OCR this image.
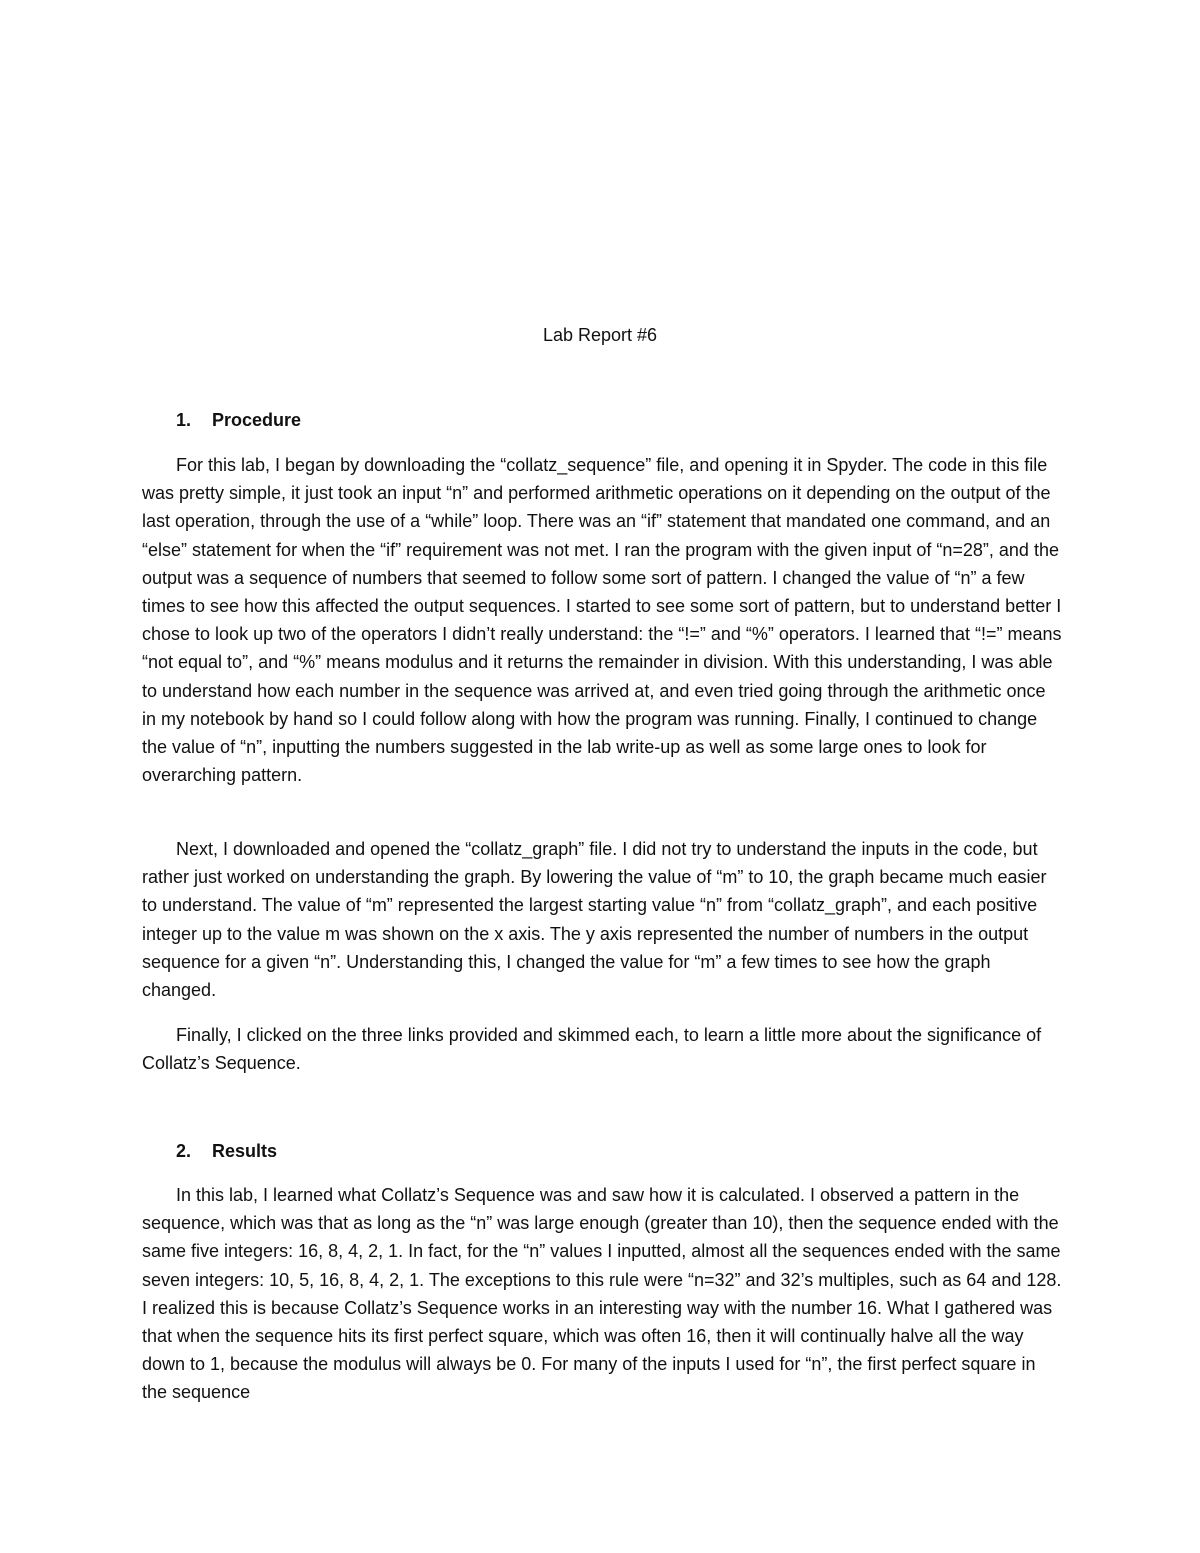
Lab Report #6
1. Procedure

For this lab, I began by downloading the “collatz_sequence” file, and opening it in Spyder. The code in this file was pretty simple, it just took an input “n” and performed arithmetic operations on it depending on the output of the last operation, through the use of a “while” loop. There was an “if” statement that mandated one command, and an “else” statement for when the “if” requirement was not met. I ran the program with the given input of “n=28”, and the output was a sequence of numbers that seemed to follow some sort of pattern. I changed the value of “n” a few times to see how this affected the output sequences. I started to see some sort of pattern, but to understand better I chose to look up two of the operators I didn’t really understand: the “!=” and “%” operators. I learned that “!=” means “not equal to”, and “%” means modulus and it returns the remainder in division. With this understanding, I was able to understand how each number in the sequence was arrived at, and even tried going through the arithmetic once in my notebook by hand so I could follow along with how the program was running. Finally, I continued to change the value of “n”, inputting the numbers suggested in the lab write-up as well as some large ones to look for overarching pattern.

Next, I downloaded and opened the “collatz_graph” file. I did not try to understand the inputs in the code, but rather just worked on understanding the graph. By lowering the value of “m” to 10, the graph became much easier to understand. The value of “m” represented the largest starting value “n” from “collatz_graph”, and each positive integer up to the value m was shown on the x axis. The y axis represented the number of numbers in the output sequence for a given “n”. Understanding this, I changed the value for “m” a few times to see how the graph changed.

Finally, I clicked on the three links provided and skimmed each, to learn a little more about the significance of Collatz’s Sequence.

2. Results

In this lab, I learned what Collatz’s Sequence was and saw how it is calculated. I observed a pattern in the sequence, which was that as long as the “n” was large enough (greater than 10), then the sequence ended with the same five integers: 16, 8, 4, 2, 1. In fact, for the “n” values I inputted, almost all the sequences ended with the same seven integers: 10, 5, 16, 8, 4, 2, 1. The exceptions to this rule were “n=32” and 32’s multiples, such as 64 and 128. I realized this is because Collatz’s Sequence works in an interesting way with the number 16. What I gathered was that when the sequence hits its first perfect square, which was often 16, then it will continually halve all the way down to 1, because the modulus will always be 0. For many of the inputs I used for “n”, the first perfect square in the sequence
